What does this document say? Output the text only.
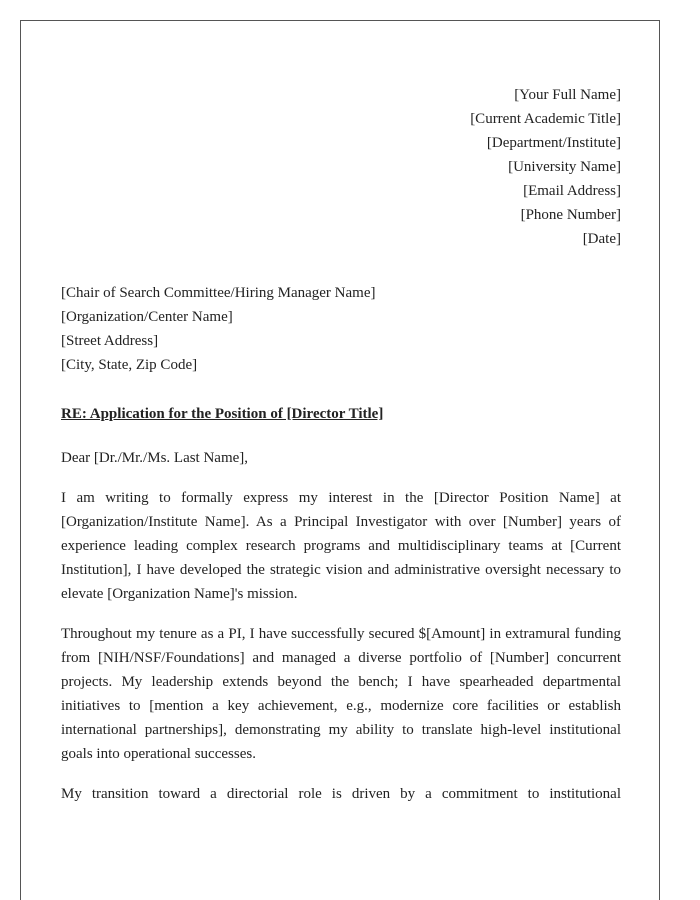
[Your Full Name]
[Current Academic Title]
[Department/Institute]
[University Name]
[Email Address]
[Phone Number]
[Date]
[Chair of Search Committee/Hiring Manager Name]
[Organization/Center Name]
[Street Address]
[City, State, Zip Code]
RE: Application for the Position of [Director Title]
Dear [Dr./Mr./Ms. Last Name],

I am writing to formally express my interest in the [Director Position Name] at [Organization/Institute Name]. As a Principal Investigator with over [Number] years of experience leading complex research programs and multidisciplinary teams at [Current Institution], I have developed the strategic vision and administrative oversight necessary to elevate [Organization Name]'s mission.

Throughout my tenure as a PI, I have successfully secured $[Amount] in extramural funding from [NIH/NSF/Foundations] and managed a diverse portfolio of [Number] concurrent projects. My leadership extends beyond the bench; I have spearheaded departmental initiatives to [mention a key achievement, e.g., modernize core facilities or establish international partnerships], demonstrating my ability to translate high-level institutional goals into operational successes.

My transition toward a directorial role is driven by a commitment to institutional
